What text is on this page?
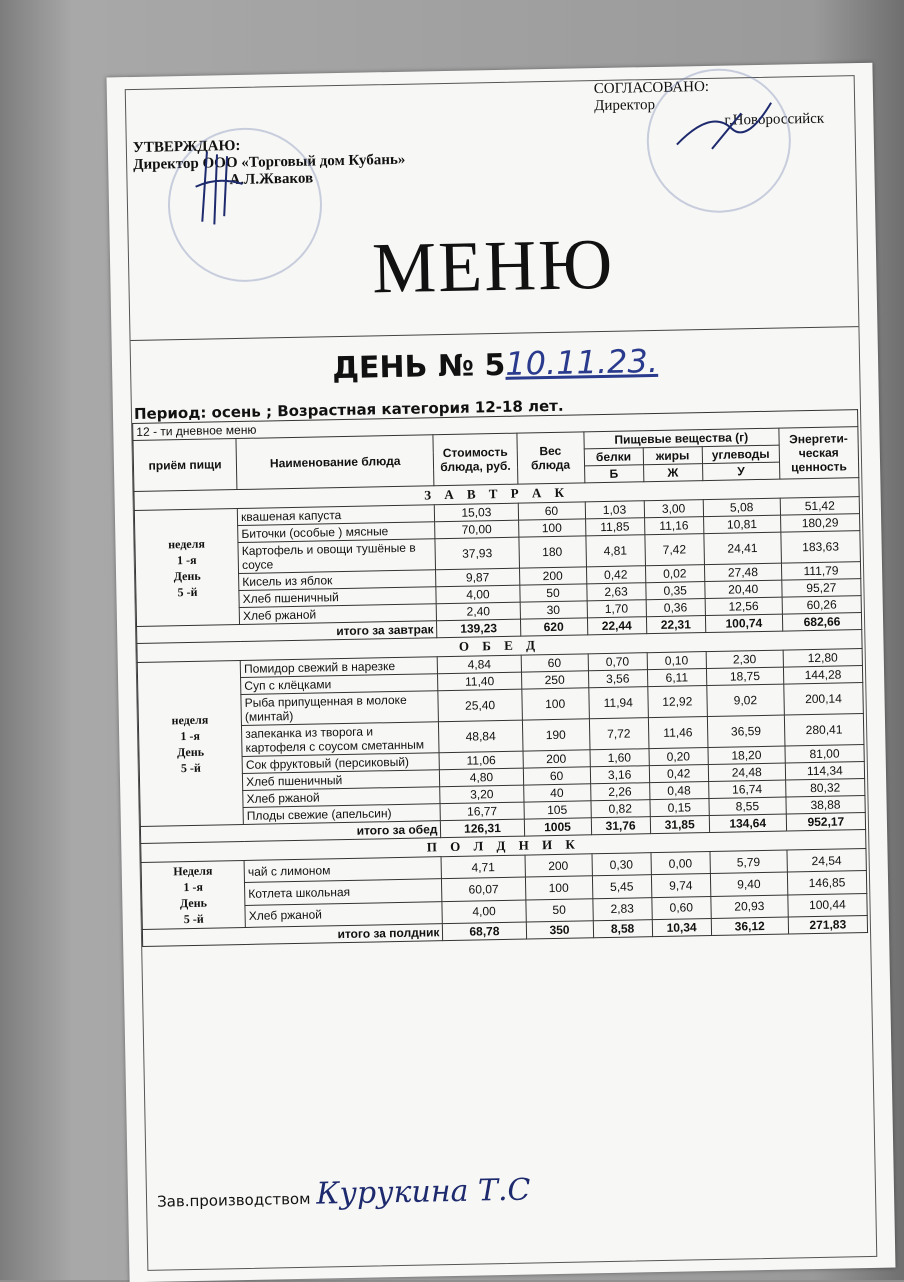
УТВЕРЖДАЮ:
Директор ООО «Торговый дом Кубань»
А.Л.Жваков
СОГЛАСОВАНО:
Директор
г.Новороссийск
МЕНЮ
ДЕНЬ № 510.11.23.
Период: осень ; Возрастная категория 12-18 лет.
12 - ти дневное меню							
приём пищи	Наименование блюда	Стоимость блюда, руб.	Вес блюда	Пищевые вещества (г)			Энергети-ческая ценность
				белки	жиры	углеводы	
				Б	Ж	У	
З А В Т Р А К							

неделя
1 -я
День
5 -й	квашеная капуста	15,03	60	1,03	3,00	5,08	51,42
	Биточки (особые ) мясные	70,00	100	11,85	11,16	10,81	180,29
	Картофель и овощи тушёные в соусе	37,93	180	4,81	7,42	24,41	183,63
	Кисель из яблок	9,87	200	0,42	0,02	27,48	111,79
	Хлеб пшеничный	4,00	50	2,63	0,35	20,40	95,27
	Хлеб ржаной	2,40	30	1,70	0,36	12,56	60,26
итого за завтрак		139,23	620	22,44	22,31	100,74	682,66
О Б Е Д							

неделя
1 -я
День
5 -й	Помидор свежий в нарезке	4,84	60	0,70	0,10	2,30	12,80
	Суп с клёцками	11,40	250	3,56	6,11	18,75	144,28
	Рыба припущенная в молоке (минтай)	25,40	100	11,94	12,92	9,02	200,14
	запеканка из творога и картофеля с соусом сметанным	48,84	190	7,72	11,46	36,59	280,41
	Сок фруктовый (персиковый)	11,06	200	1,60	0,20	18,20	81,00
	Хлеб пшеничный	4,80	60	3,16	0,42	24,48	114,34
	Хлеб ржаной	3,20	40	2,26	0,48	16,74	80,32
	Плоды свежие (апельсин)	16,77	105	0,82	0,15	8,55	38,88
итого за обед		126,31	1005	31,76	31,85	134,64	952,17
П О Л Д Н И К							

Неделя
1 -я
День
5 -й	чай с лимоном	4,71	200	0,30	0,00	5,79	24,54
	Котлета школьная	60,07	100	5,45	9,74	9,40	146,85
	Хлеб ржаной	4,00	50	2,83	0,60	20,93	100,44
итого за полдник		68,78	350	8,58	10,34	36,12	271,83
Зав.производством Курукина Т.С
